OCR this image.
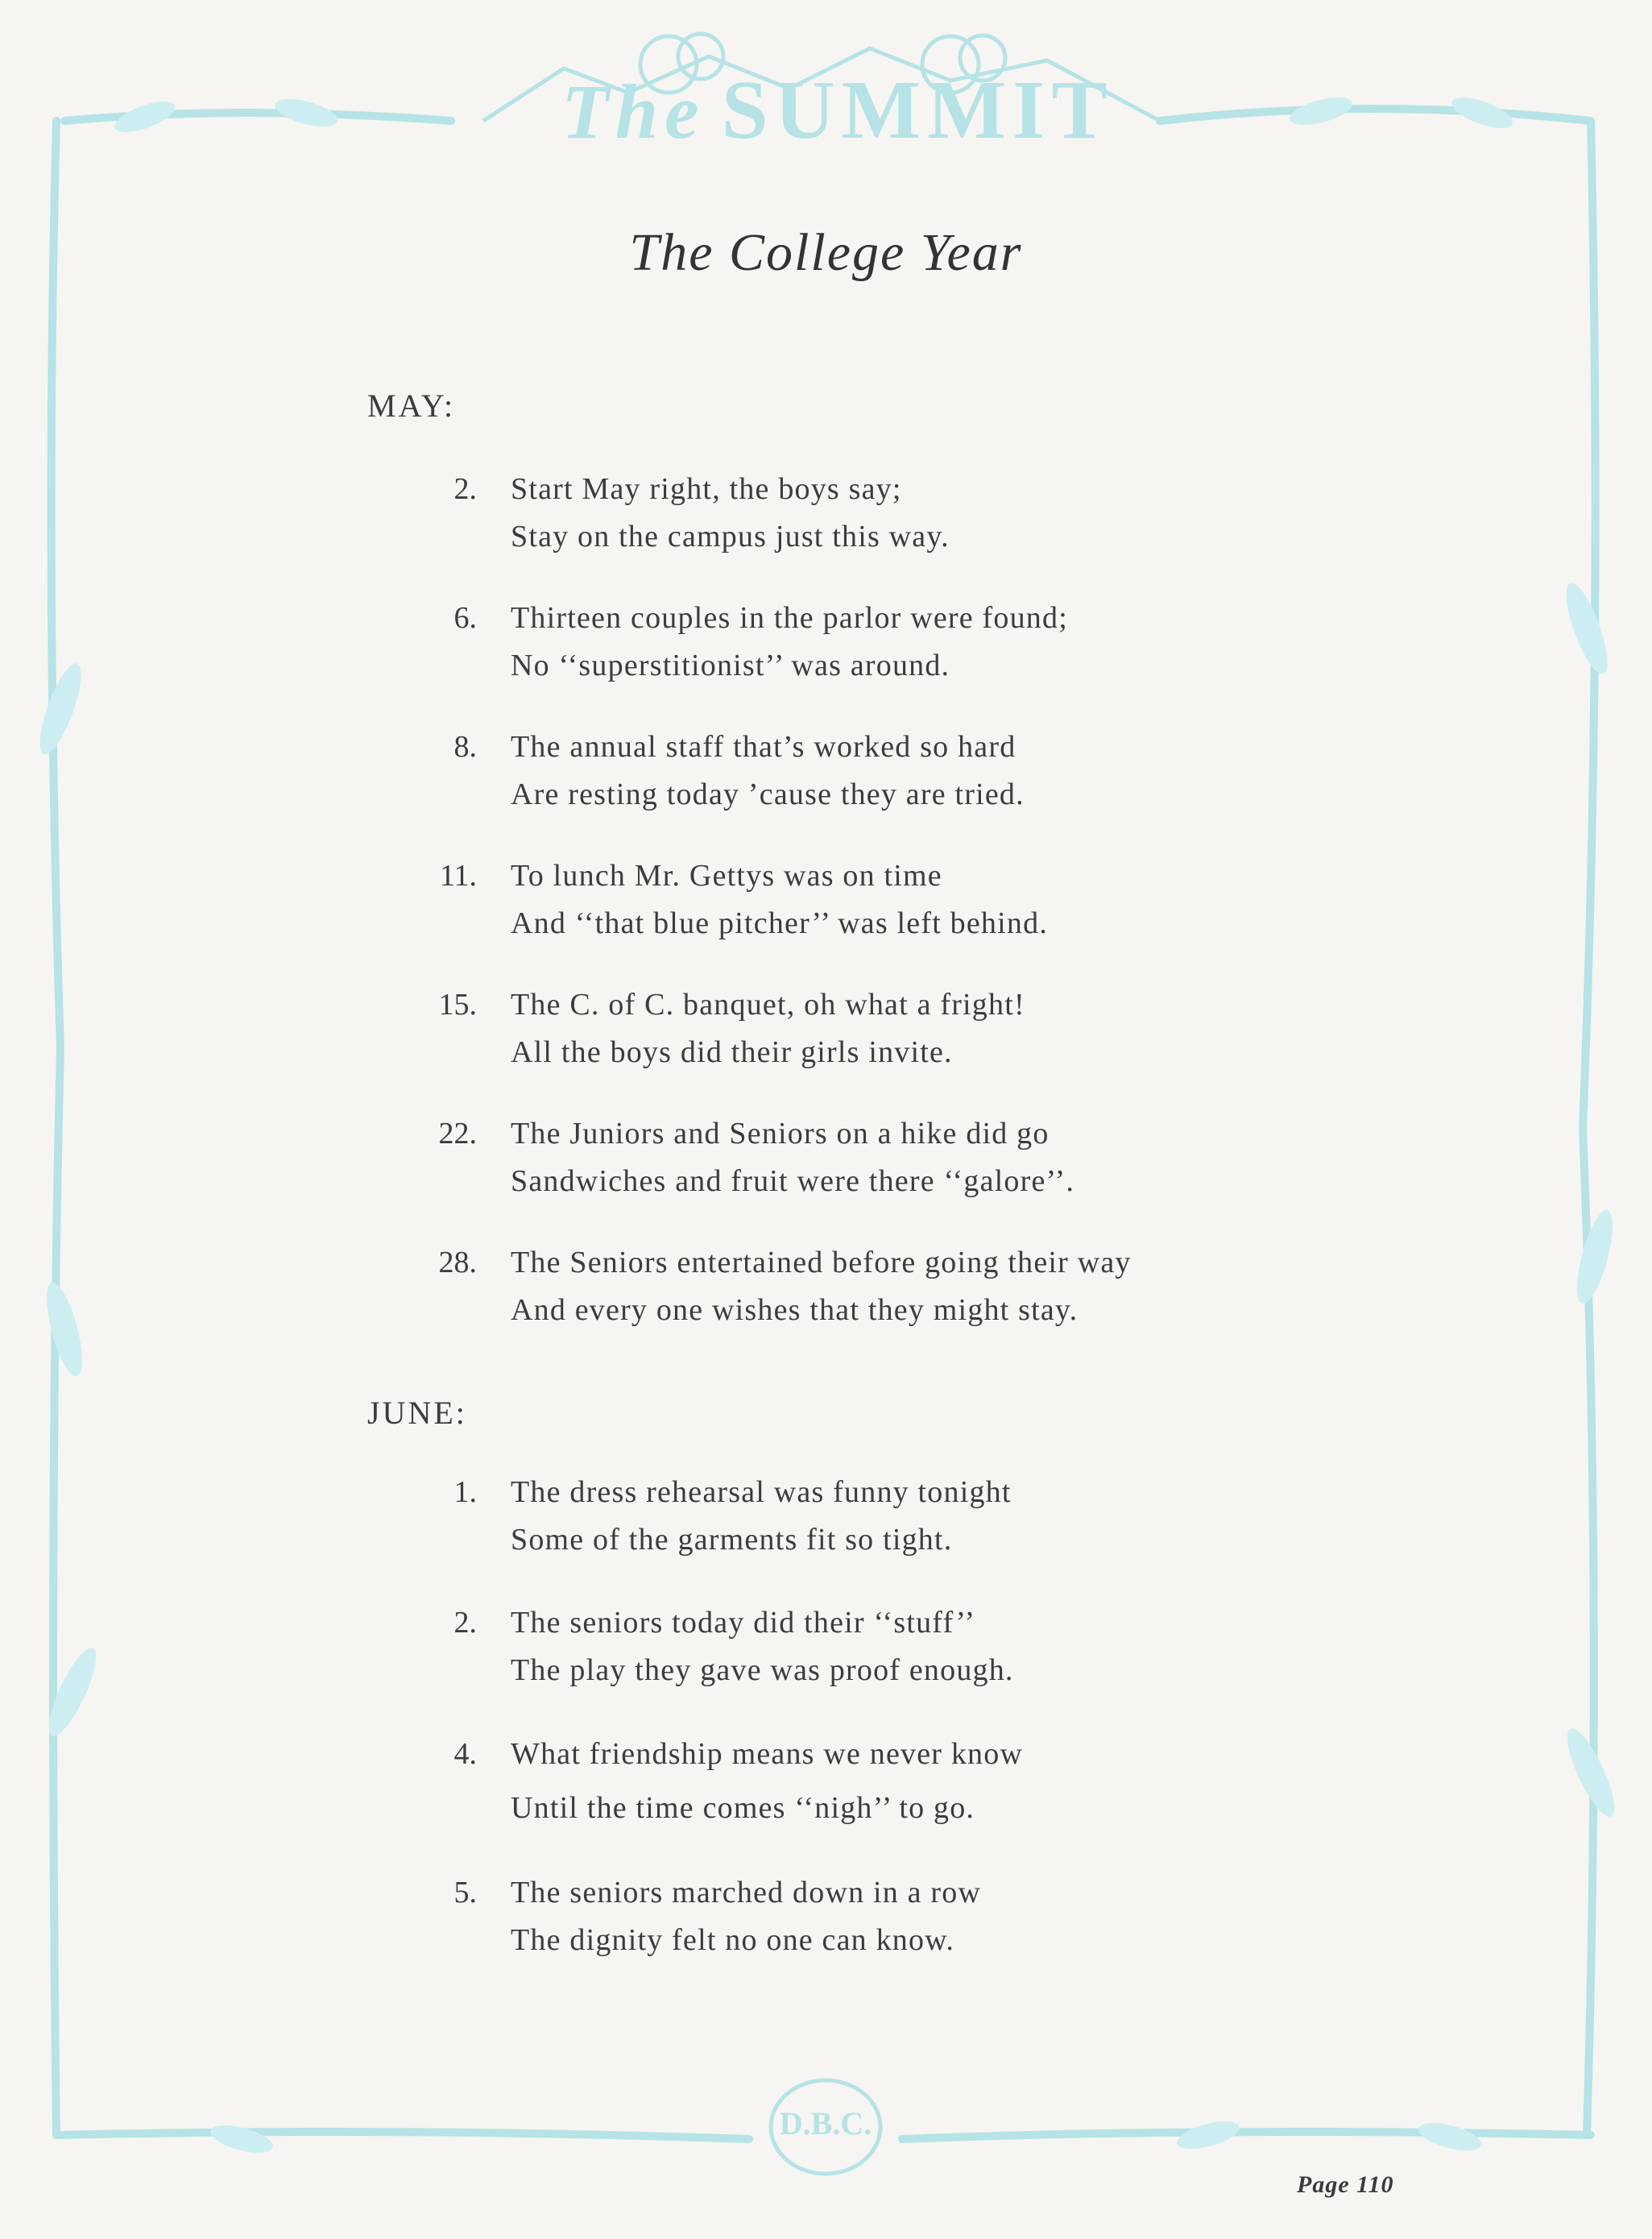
The SUMMIT
The College Year
MAY:
2. Start May right, the boys say;
Stay on the campus just this way.
6. Thirteen couples in the parlor were found;
No ‘‘superstitionist’’ was around.
8. The annual staff that’s worked so hard
Are resting today ’cause they are tried.
11. To lunch Mr. Gettys was on time
And ‘‘that blue pitcher’’ was left behind.
15. The C. of C. banquet, oh what a fright!
All the boys did their girls invite.
22. The Juniors and Seniors on a hike did go
Sandwiches and fruit were there ‘‘galore’’.
28. The Seniors entertained before going their way
And every one wishes that they might stay.
JUNE:
1. The dress rehearsal was funny tonight
Some of the garments fit so tight.
2. The seniors today did their ‘‘stuff’’
The play they gave was proof enough.
4. What friendship means we never know
Until the time comes ‘‘nigh’’ to go.
5. The seniors marched down in a row
The dignity felt no one can know.
D.B.C.
Page 110
